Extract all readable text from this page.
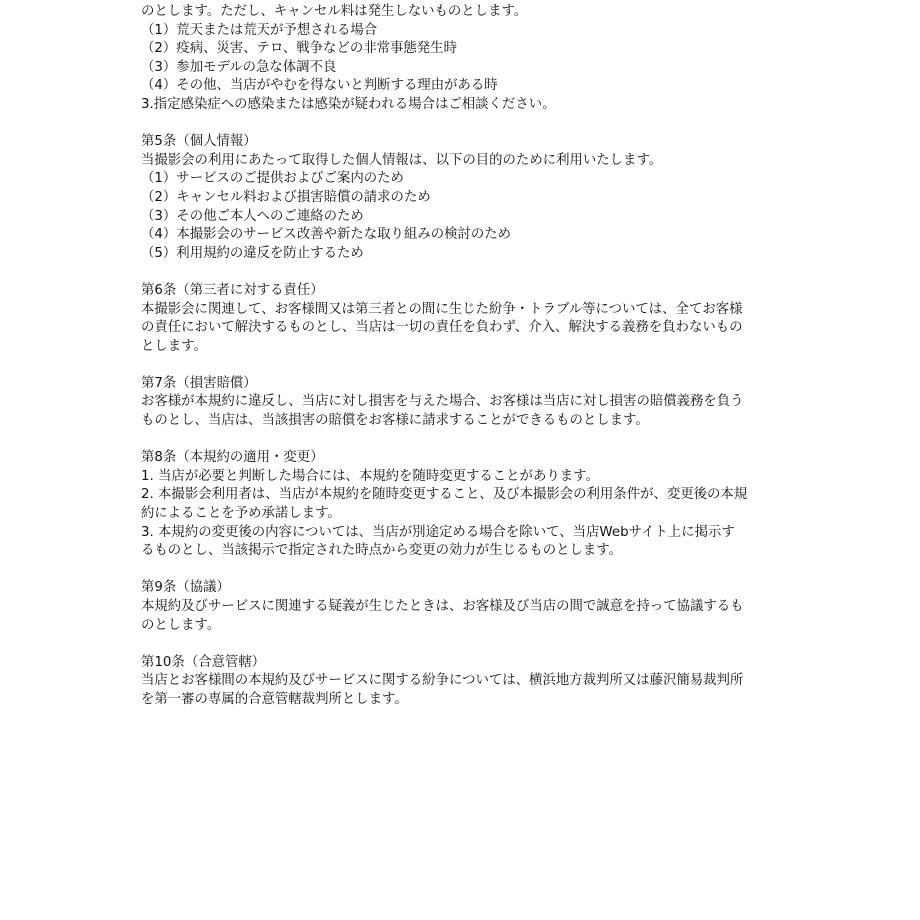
のとします。ただし、キャンセル料は発生しないものとします。
（1）荒天または荒天が予想される場合
（2）疫病、災害、テロ、戦争などの非常事態発生時
（3）参加モデルの急な体調不良
（4）その他、当店がやむを得ないと判断する理由がある時
3.指定感染症への感染または感染が疑われる場合はご相談ください。
第5条（個人情報）
当撮影会の利用にあたって取得した個人情報は、以下の目的のために利用いたします。
（1）サービスのご提供およびご案内のため
（2）キャンセル料および損害賠償の請求のため
（3）その他ご本人へのご連絡のため
（4）本撮影会のサービス改善や新たな取り組みの検討のため
（5）利用規約の違反を防止するため
第6条（第三者に対する責任）
本撮影会に関連して、お客様間又は第三者との間に生じた紛争・トラブル等については、全てお客様
の責任において解決するものとし、当店は一切の責任を負わず、介入、解決する義務を負わないもの
とします。
第7条（損害賠償）
お客様が本規約に違反し、当店に対し損害を与えた場合、お客様は当店に対し損害の賠償義務を負う
ものとし、当店は、当該損害の賠償をお客様に請求することができるものとします。
第8条（本規約の適用・変更）
1. 当店が必要と判断した場合には、本規約を随時変更することがあります。
2. 本撮影会利用者は、当店が本規約を随時変更すること、及び本撮影会の利用条件が、変更後の本規
約によることを予め承諾します。
3. 本規約の変更後の内容については、当店が別途定める場合を除いて、当店Webサイト上に掲示す
るものとし、当該掲示で指定された時点から変更の効力が生じるものとします。
第9条（協議）
本規約及びサービスに関連する疑義が生じたときは、お客様及び当店の間で誠意を持って協議するも
のとします。
第10条（合意管轄）
当店とお客様間の本規約及びサービスに関する紛争については、横浜地方裁判所又は藤沢簡易裁判所
を第一審の専属的合意管轄裁判所とします。
